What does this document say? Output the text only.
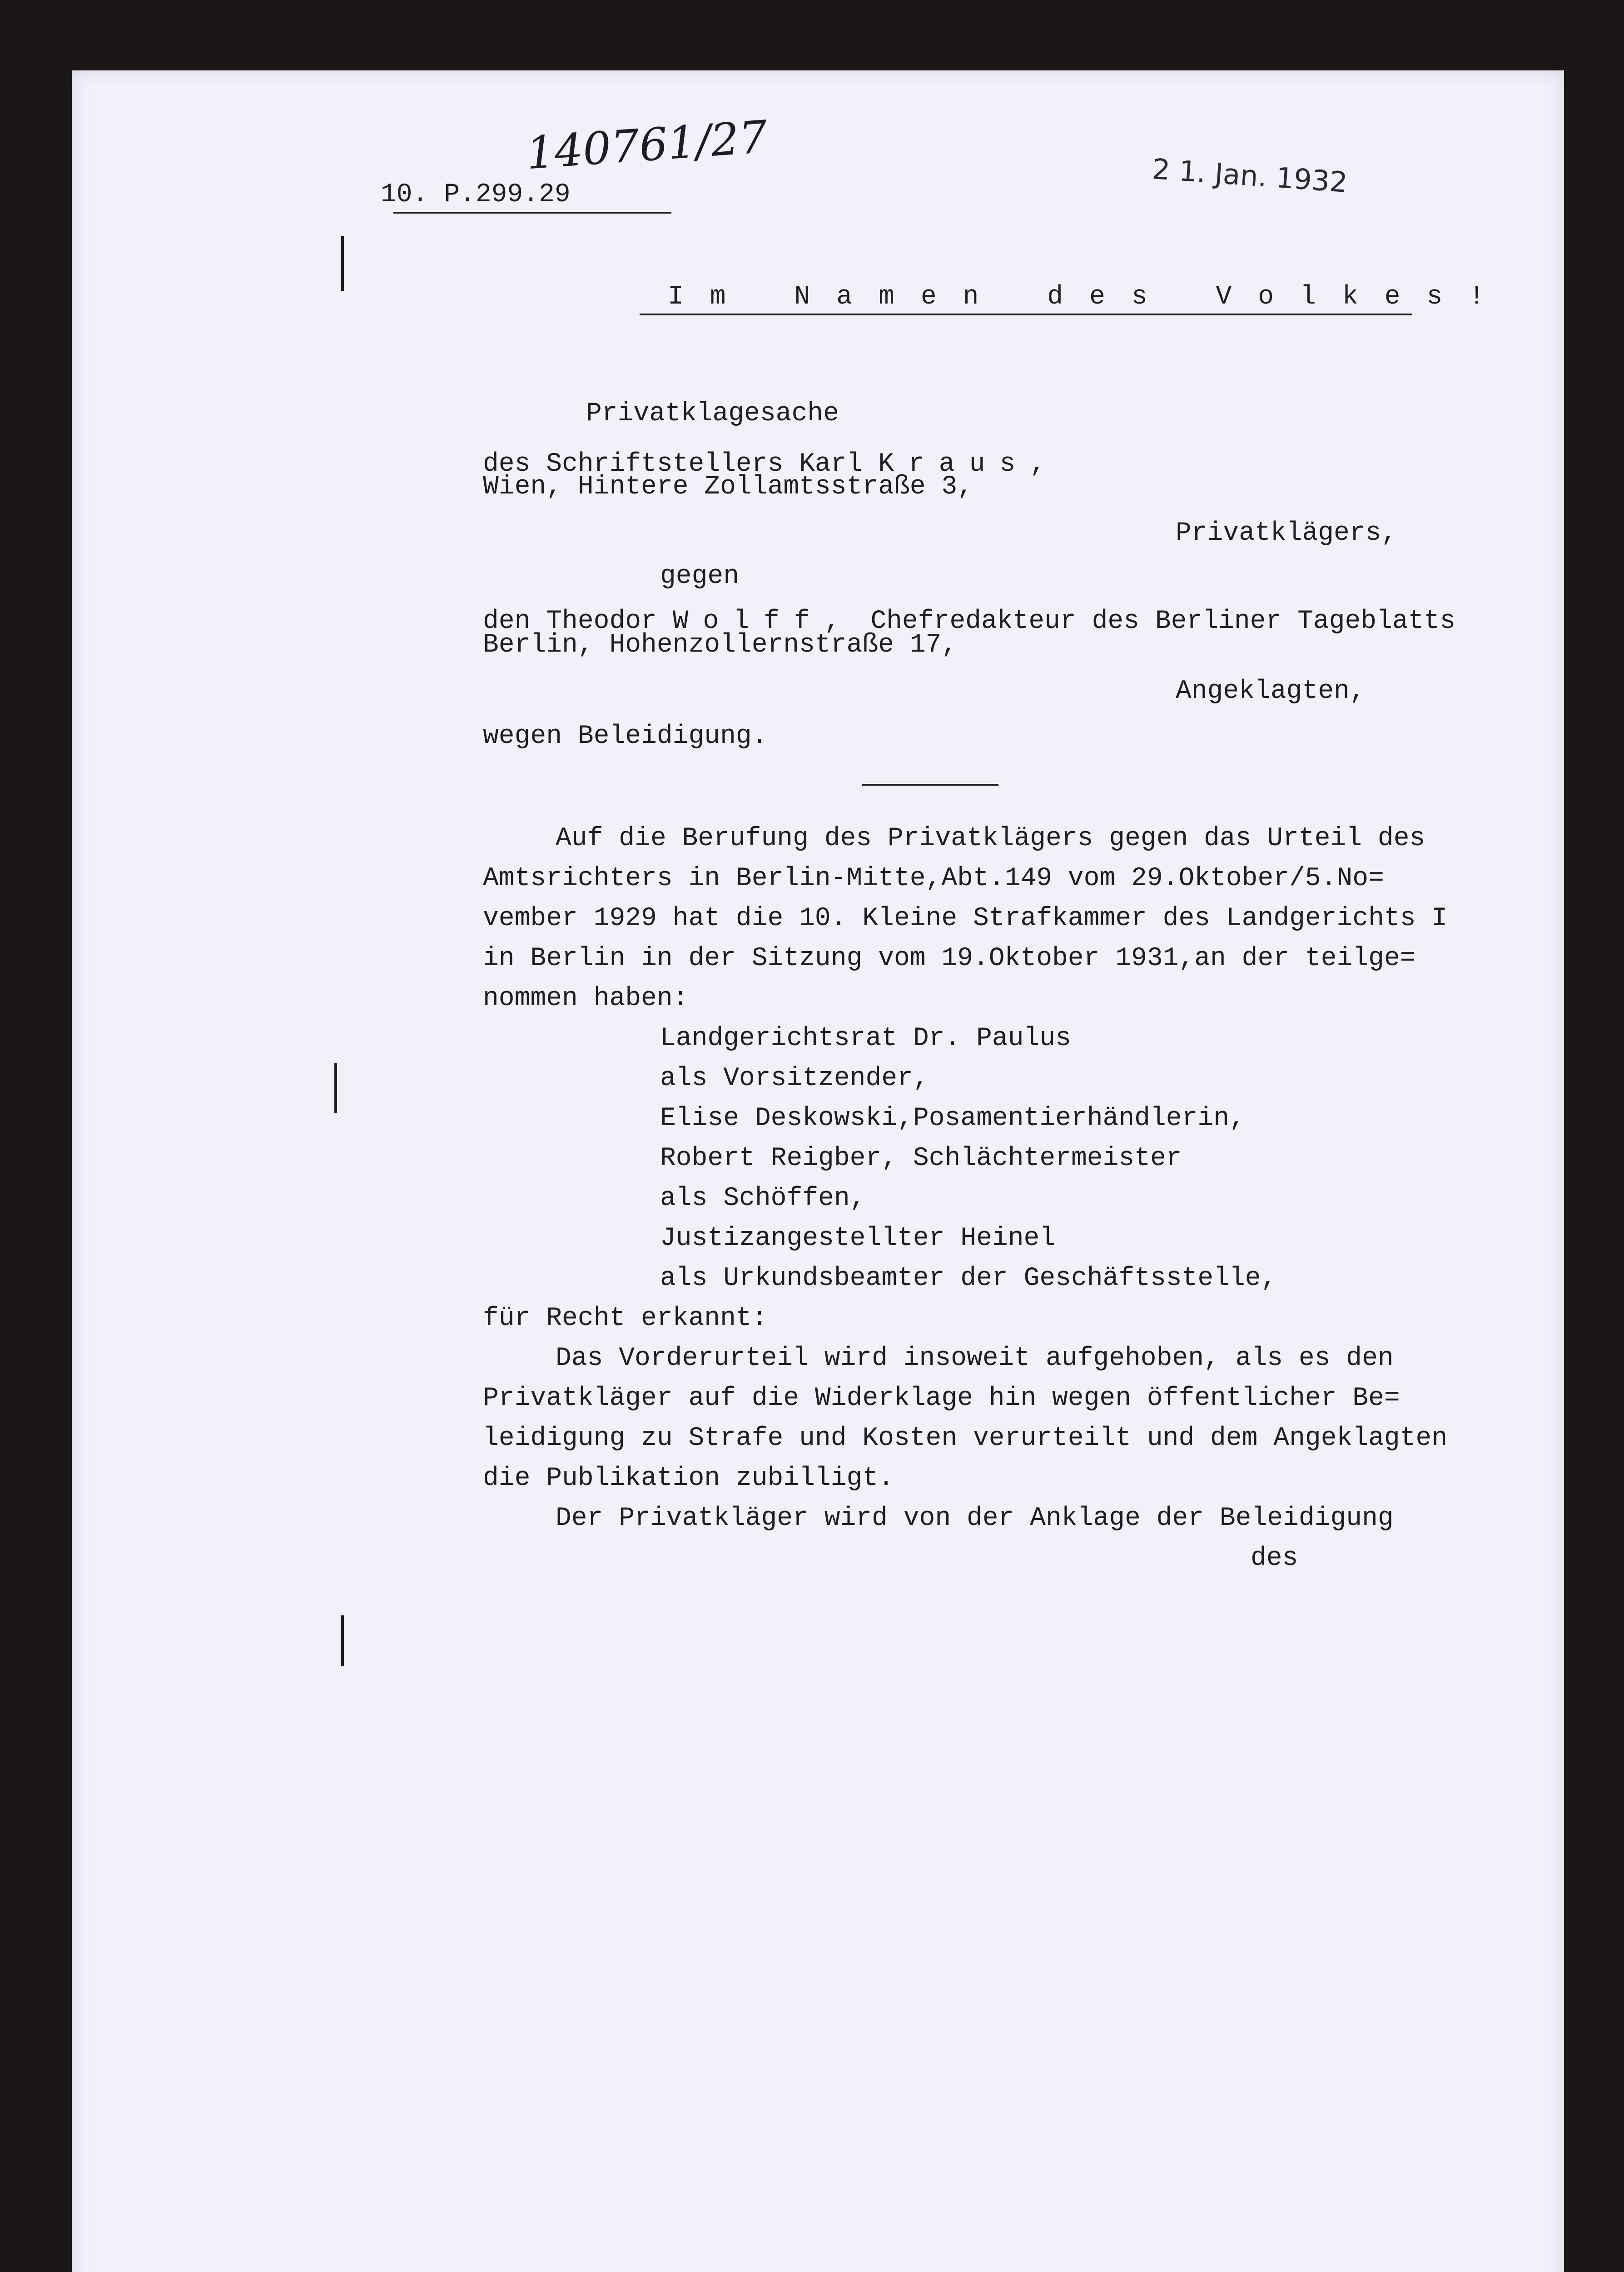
140761/27	2 1. Jan. 1932
10. P.299.29
Im Namen des Volkes!
Privatklagesache
des Schriftstellers Karl Kraus,
Wien, Hintere Zollamtsstraße 3,
Privatklägers,
gegen
den Theodor Wolff, Chefredakteur des Berliner Tageblatts
Berlin, Hohenzollernstraße 17,
Angeklagten,
wegen Beleidigung.
Auf die Berufung des Privatklägers gegen das Urteil des
Amtsrichters in Berlin-Mitte,Abt.149 vom 29.Oktober/5.No=
vember 1929 hat die 10. Kleine Strafkammer des Landgerichts I
in Berlin in der Sitzung vom 19.Oktober 1931,an der teilge=
nommen haben:
Landgerichtsrat Dr. Paulus
als Vorsitzender,
Elise Deskowski,Posamentierhändlerin,
Robert Reigber, Schlächtermeister
als Schöffen,
Justizangestellter Heinel
als Urkundsbeamter der Geschäftsstelle,
für Recht erkannt:
Das Vorderurteil wird insoweit aufgehoben, als es den
Privatkläger auf die Widerklage hin wegen öffentlicher Be=
leidigung zu Strafe und Kosten verurteilt und dem Angeklagten
die Publikation zubilligt.
Der Privatkläger wird von der Anklage der Beleidigung
des
